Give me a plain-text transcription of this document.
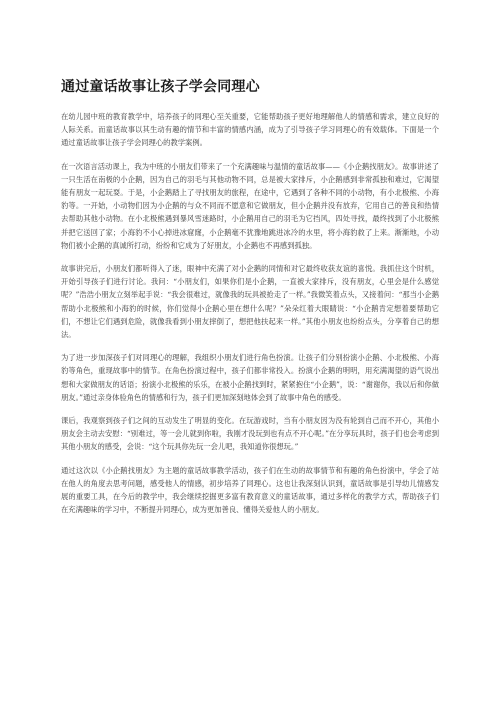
通过童话故事让孩子学会同理心

在幼儿园中班的教育教学中，培养孩子的同理心至关重要，它能帮助孩子更好地理解他人的情感和需求，建立良好的人际关系。而童话故事以其生动有趣的情节和丰富的情感内涵，成为了引导孩子学习同理心的有效载体。下面是一个通过童话故事让孩子学会同理心的教学案例。

在一次语言活动课上，我为中班的小朋友们带来了一个充满趣味与温情的童话故事——《小企鹅找朋友》。故事讲述了一只生活在南极的小企鹅，因为自己的羽毛与其他动物不同，总是被大家排斥，小企鹅感到非常孤独和难过，它渴望能有朋友一起玩耍。于是，小企鹅踏上了寻找朋友的旅程，在途中，它遇到了各种不同的小动物，有小北极熊、小海豹等。一开始，小动物们因为小企鹅的与众不同而不愿意和它做朋友，但小企鹅并没有放弃，它用自己的善良和热情去帮助其他小动物。在小北极熊遇到暴风雪迷路时，小企鹅用自己的羽毛为它挡风，四处寻找，最终找到了小北极熊并把它送回了家；小海豹不小心掉进冰窟窿，小企鹅毫不犹豫地跳进冰冷的水里，将小海豹救了上来。渐渐地，小动物们被小企鹅的真诚所打动，纷纷和它成为了好朋友，小企鹅也不再感到孤独。

故事讲完后，小朋友们都听得入了迷，眼神中充满了对小企鹅的同情和对它最终收获友谊的喜悦。我抓住这个时机，开始引导孩子们进行讨论。我问：“小朋友们，如果你们是小企鹅，一直被大家排斥，没有朋友，心里会是什么感觉呢？”浩浩小朋友立刻举起手说：“我会很难过，就像我的玩具被抢走了一样。”我微笑着点头，又接着问：“那当小企鹅帮助小北极熊和小海豹的时候，你们觉得小企鹅心里在想什么呢？”朵朵红着大眼睛说：“小企鹅肯定想着要帮助它们，不想让它们遇到危险，就像我看到小朋友摔倒了，想把他扶起来一样。”其他小朋友也纷纷点头，分享着自己的想法。

为了进一步加深孩子们对同理心的理解，我组织小朋友们进行角色扮演。让孩子们分别扮演小企鹅、小北极熊、小海豹等角色，重现故事中的情节。在角色扮演过程中，孩子们都非常投入。扮演小企鹅的明明，用充满渴望的语气说出想和大家做朋友的话语；扮演小北极熊的乐乐，在被小企鹅找到时，紧紧抱住“小企鹅”，说：“谢谢你，我以后和你做朋友。”通过亲身体验角色的情感和行为，孩子们更加深刻地体会到了故事中角色的感受。

课后，我观察到孩子们之间的互动发生了明显的变化。在玩游戏时，当有小朋友因为没有轮到自己而不开心，其他小朋友会主动去安慰：“别难过，等一会儿就到你啦，我刚才没玩到也有点不开心呢。”在分享玩具时，孩子们也会考虑到其他小朋友的感受，会说：“这个玩具你先玩一会儿吧，我知道你很想玩。”

通过这次以《小企鹅找朋友》为主题的童话故事教学活动，孩子们在生动的故事情节和有趣的角色扮演中，学会了站在他人的角度去思考问题，感受他人的情感，初步培养了同理心。这也让我深刻认识到，童话故事是引导幼儿情感发展的重要工具，在今后的教学中，我会继续挖掘更多富有教育意义的童话故事，通过多样化的教学方式，帮助孩子们在充满趣味的学习中，不断提升同理心，成为更加善良、懂得关爱他人的小朋友。
